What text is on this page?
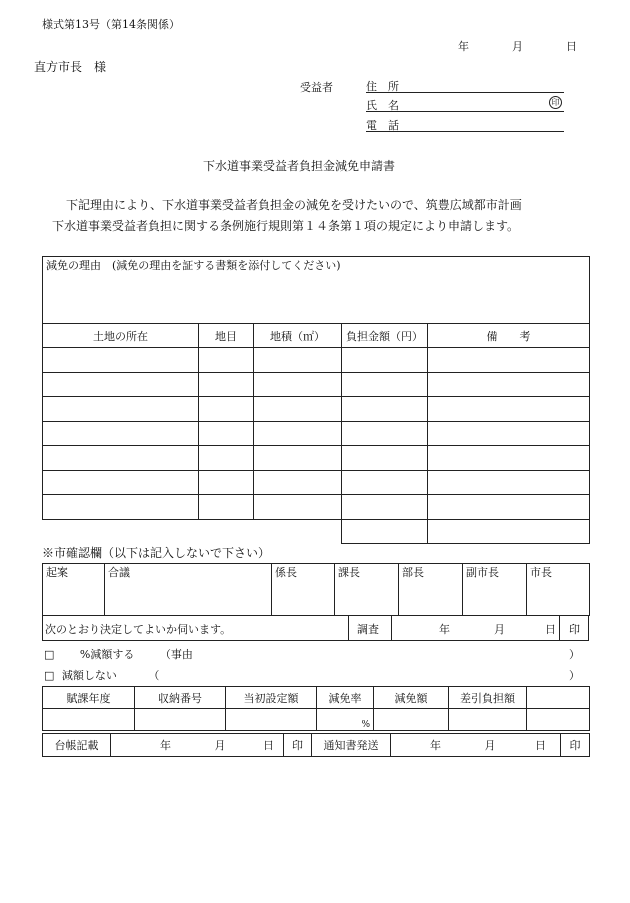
様式第13号（第14条関係）
年	月	日
直方市長　様
受益者	住　所
氏　名	印
電　話
下水道事業受益者負担金減免申請書
下記理由により、下水道事業受益者負担金の減免を受けたいので、筑豊広域都市計画
下水道事業受益者負担に関する条例施行規則第１４条第１項の規定により申請します。
減免の理由　(減免の理由を証する書類を添付してください)				
土地の所在	地目	地積（㎡）	負担金額（円）	備　　考

※市確認欄（以下は記入しないで下さい）
起案	合議	係長	課長	部長	副市長	市長
次のとおり決定してよいか伺います。	調査	年	月	日 印
□ %減額する （事由	）
□ 減額しない	（	）
賦課年度	収納番号	当初設定額	減免率	減免額	差引負担額	
			%			
台帳記載	年	月	日	印	通知書発送	年	月	日	印
